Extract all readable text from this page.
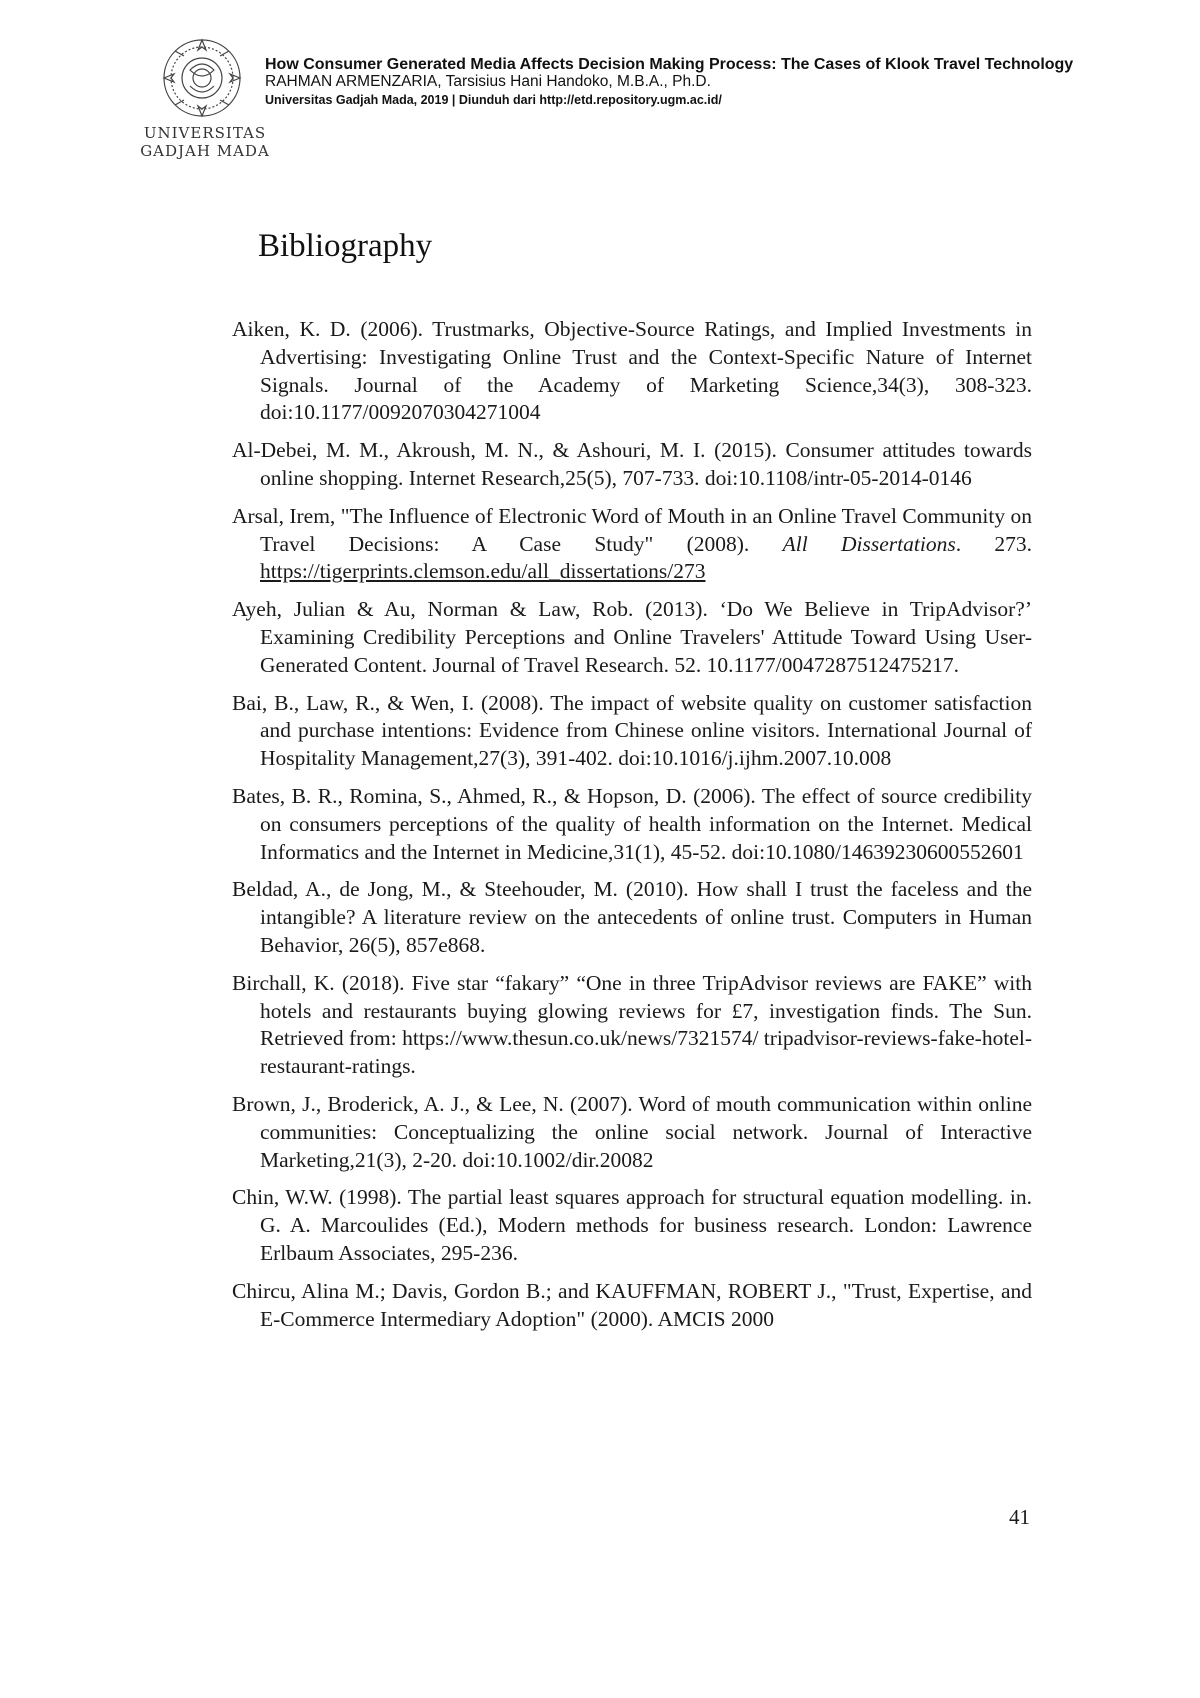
UNIVERSITAS
GADJAH MADA
How Consumer Generated Media Affects Decision Making Process: The Cases of Klook Travel Technology
RAHMAN ARMENZARIA, Tarsisius Hani Handoko, M.B.A., Ph.D.
Universitas Gadjah Mada, 2019 | Diunduh dari http://etd.repository.ugm.ac.id/
Bibliography

Aiken, K. D. (2006). Trustmarks, Objective-Source Ratings, and Implied Investments in Advertising: Investigating Online Trust and the Context-Specific Nature of Internet Signals. Journal of the Academy of Marketing Science,34(3), 308-323. doi:10.1177/0092070304271004

Al-Debei, M. M., Akroush, M. N., & Ashouri, M. I. (2015). Consumer attitudes towards online shopping. Internet Research,25(5), 707-733. doi:10.1108/intr-05-2014-0146

Arsal, Irem, "The Influence of Electronic Word of Mouth in an Online Travel Community on Travel Decisions: A Case Study" (2008). All Dissertations. 273. https://tigerprints.clemson.edu/all_dissertations/273

Ayeh, Julian & Au, Norman & Law, Rob. (2013). ‘Do We Believe in TripAdvisor?’ Examining Credibility Perceptions and Online Travelers' Attitude Toward Using User-Generated Content. Journal of Travel Research. 52. 10.1177/0047287512475217.

Bai, B., Law, R., & Wen, I. (2008). The impact of website quality on customer satisfaction and purchase intentions: Evidence from Chinese online visitors. International Journal of Hospitality Management,27(3), 391-402. doi:10.1016/j.ijhm.2007.10.008

Bates, B. R., Romina, S., Ahmed, R., & Hopson, D. (2006). The effect of source credibility on consumers perceptions of the quality of health information on the Internet. Medical Informatics and the Internet in Medicine,31(1), 45-52. doi:10.1080/14639230600552601

Beldad, A., de Jong, M., & Steehouder, M. (2010). How shall I trust the faceless and the intangible? A literature review on the antecedents of online trust. Computers in Human Behavior, 26(5), 857e868.

Birchall, K. (2018). Five star “fakary” “One in three TripAdvisor reviews are FAKE” with hotels and restaurants buying glowing reviews for £7, investigation finds. The Sun. Retrieved from: https://www.thesun.co.uk/news/7321574/ tripadvisor-reviews-fake-hotel-restaurant-ratings.

Brown, J., Broderick, A. J., & Lee, N. (2007). Word of mouth communication within online communities: Conceptualizing the online social network. Journal of Interactive Marketing,21(3), 2-20. doi:10.1002/dir.20082

Chin, W.W. (1998). The partial least squares approach for structural equation modelling. in. G. A. Marcoulides (Ed.), Modern methods for business research. London: Lawrence Erlbaum Associates, 295-236.

Chircu, Alina M.; Davis, Gordon B.; and KAUFFMAN, ROBERT J., "Trust, Expertise, and E-Commerce Intermediary Adoption" (2000). AMCIS 2000

41
